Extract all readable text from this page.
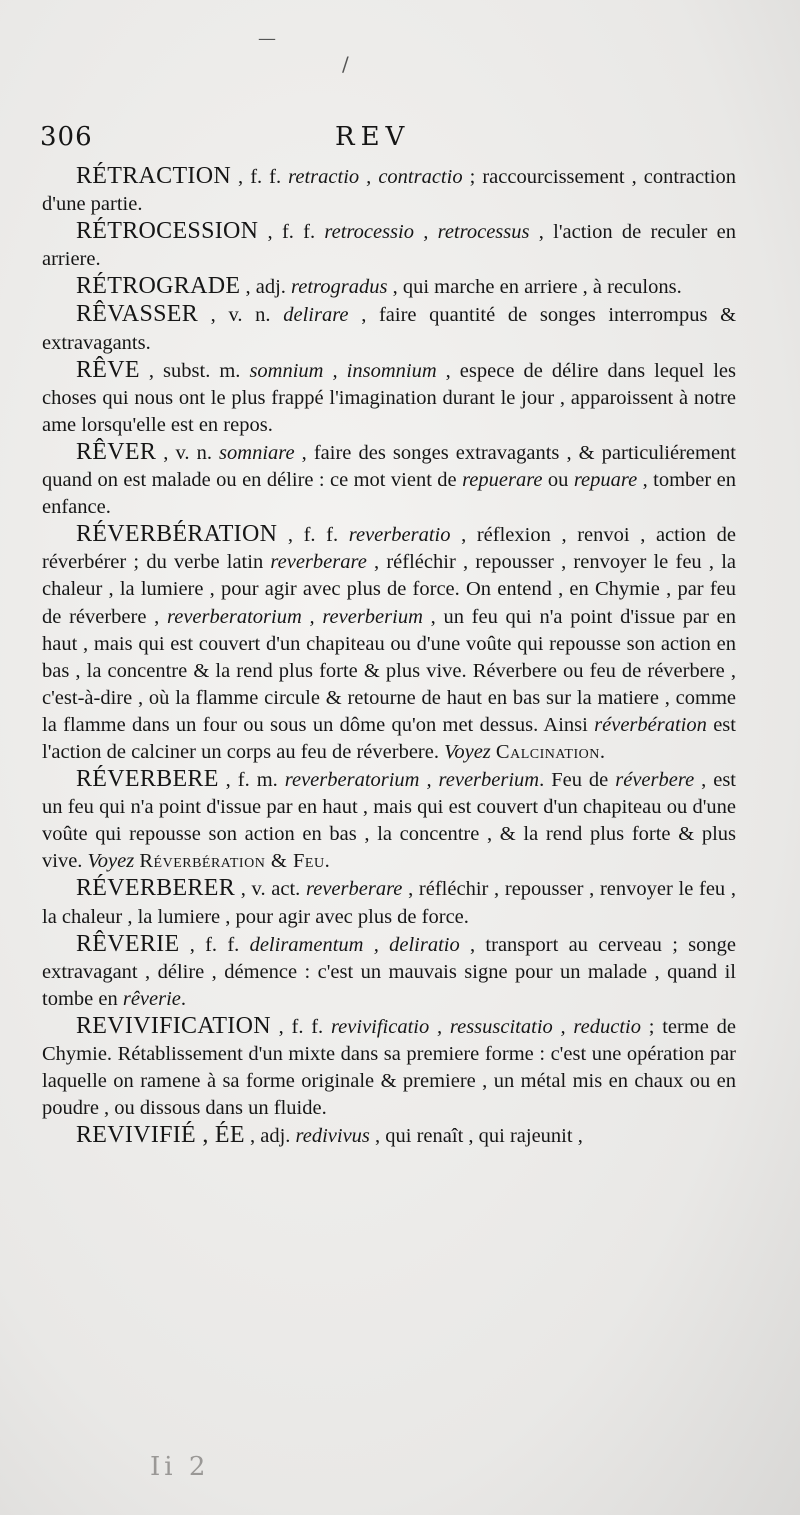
306	REV

RÉTRACTION , f. f. retractio , contractio ; raccourcissement , contraction d'une partie.

RÉTROCESSION , f. f. retrocessio , retrocessus , l'action de reculer en arriere.

RÉTROGRADE , adj. retrogradus , qui marche en arriere , à reculons.

RÊVASSER , v. n. delirare , faire quantité de songes interrompus & extravagants.

RÊVE , subst. m. somnium , insomnium , espece de délire dans lequel les choses qui nous ont le plus frappé l'imagination durant le jour , apparoissent à notre ame lorsqu'elle est en repos.

RÊVER , v. n. somniare , faire des songes extravagants , & particuliérement quand on est malade ou en délire : ce mot vient de repuerare ou repuare , tomber en enfance.

RÉVERBÉRATION , f. f. reverberatio , réflexion , renvoi , action de réverbérer ; du verbe latin reverberare , réfléchir , repousser , renvoyer le feu , la chaleur , la lumiere , pour agir avec plus de force. On entend , en Chymie , par feu de réverbere , reverberatorium , reverberium , un feu qui n'a point d'issue par en haut , mais qui est couvert d'un chapiteau ou d'une voûte qui repousse son action en bas , la concentre & la rend plus forte & plus vive. Réverbere ou feu de réverbere , c'est-à-dire , où la flamme circule & retourne de haut en bas sur la matiere , comme la flamme dans un four ou sous un dôme qu'on met dessus. Ainsi réverbération est l'action de calciner un corps au feu de réverbere. Voyez Calcination.

RÉVERBERE , f. m. reverberatorium , reverberium. Feu de réverbere , est un feu qui n'a point d'issue par en haut , mais qui est couvert d'un chapiteau ou d'une voûte qui repousse son action en bas , la concentre , & la rend plus forte & plus vive. Voyez Réverbération & Feu.

RÉVERBERER , v. act. reverberare , réfléchir , repousser , renvoyer le feu , la chaleur , la lumiere , pour agir avec plus de force.

RÊVERIE , f. f. deliramentum , deliratio , transport au cerveau ; songe extravagant , délire , démence : c'est un mauvais signe pour un malade , quand il tombe en rêverie.

REVIVIFICATION , f. f. revivificatio , ressuscitatio , reductio ; terme de Chymie. Rétablissement d'un mixte dans sa premiere forme : c'est une opération par laquelle on ramene à sa forme originale & premiere , un métal mis en chaux ou en poudre , ou dissous dans un fluide.

REVIVIFIÉ , ÉE , adj. redivivus , qui renaît , qui rajeunit ,

Ii 2
—
/
